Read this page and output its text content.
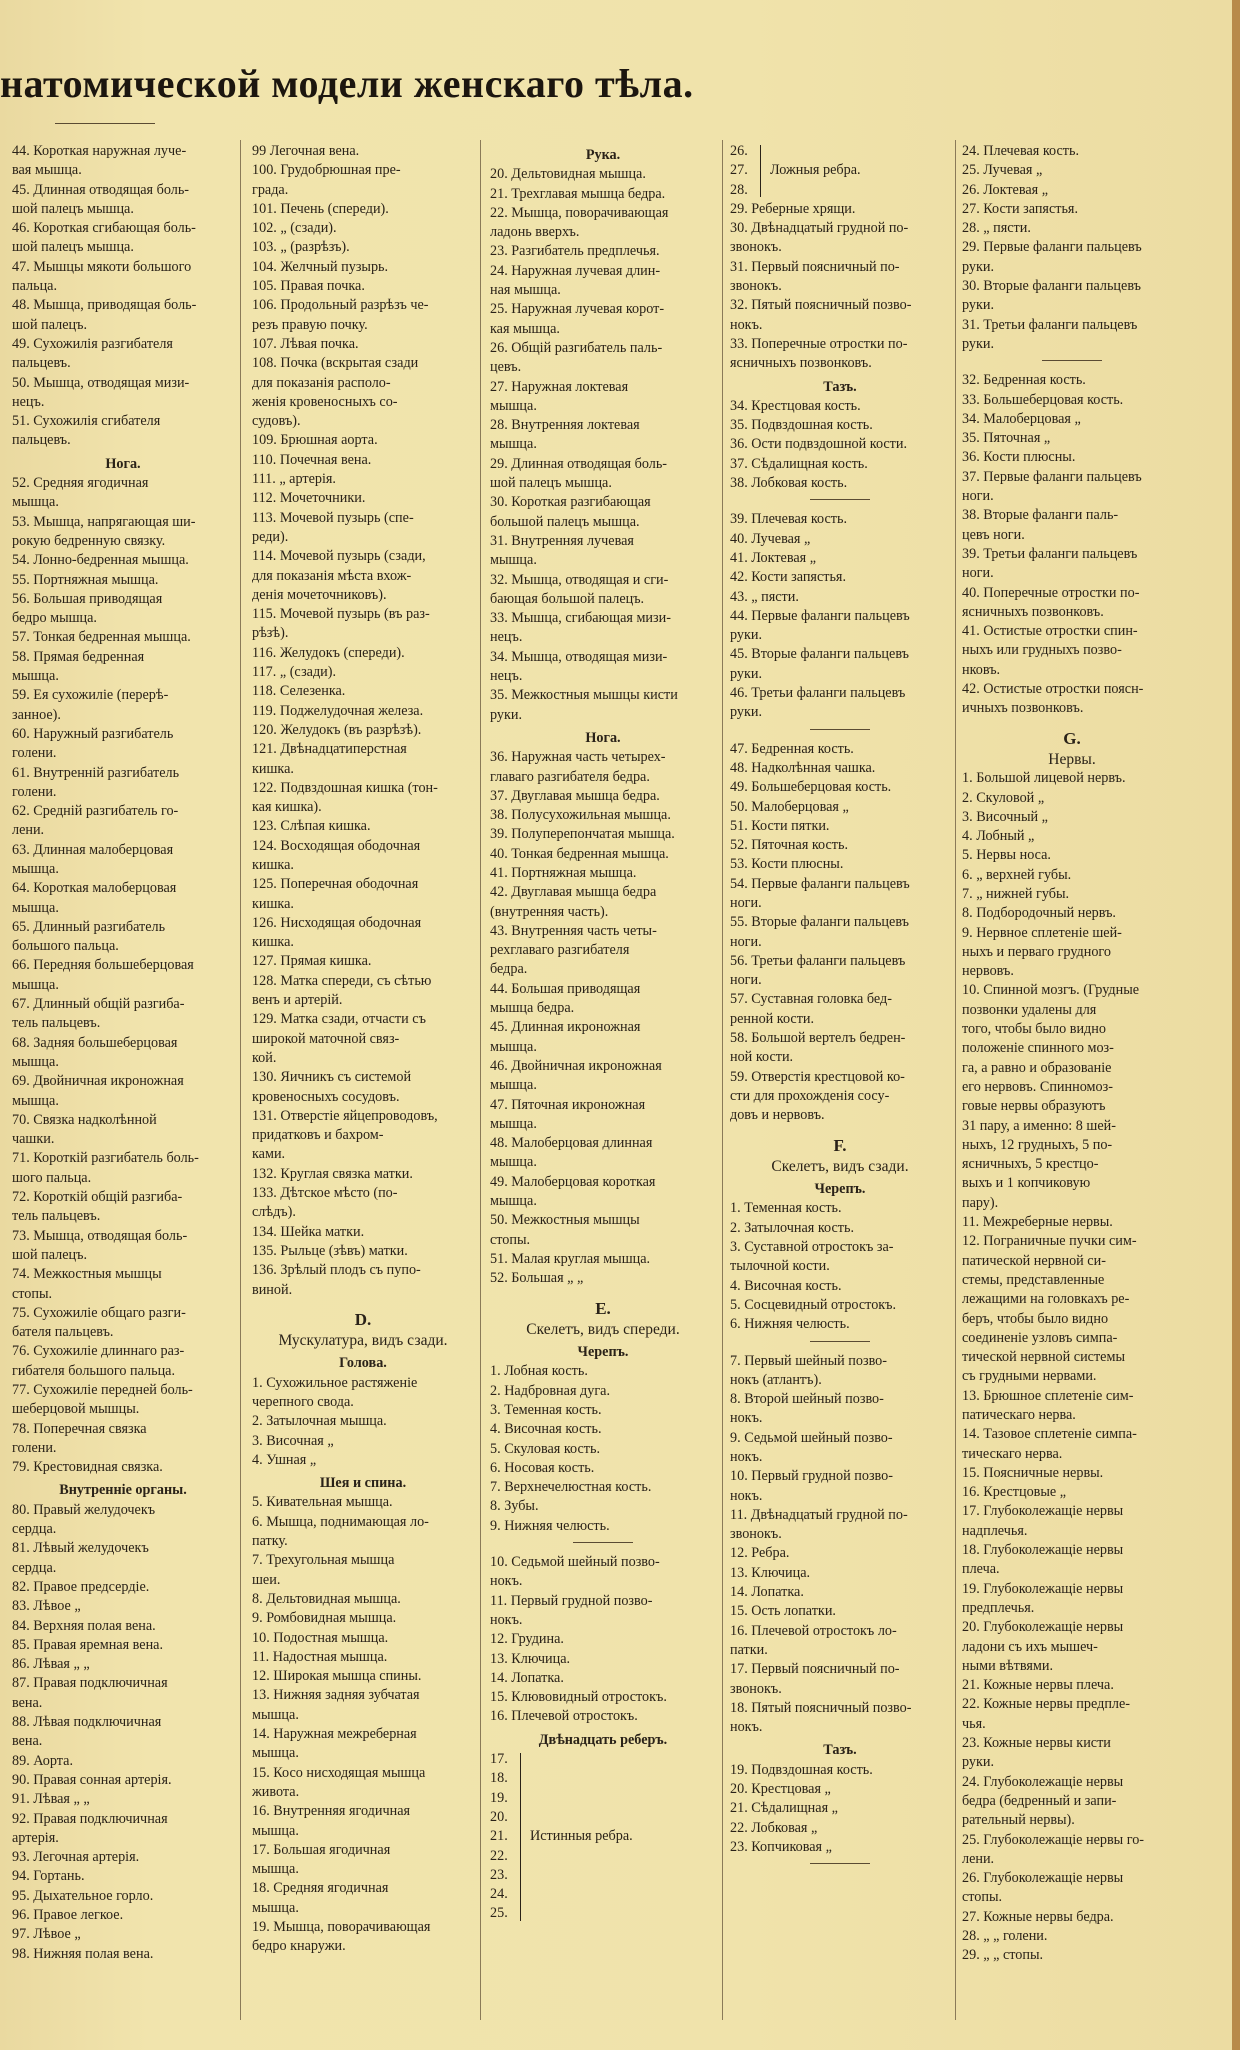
натомической модели женскаго тѣла.
44. Короткая наружная луче-
вая мышца.
45. Длинная отводящая боль-
шой палецъ мышца.
46. Короткая сгибающая боль-
шой палецъ мышца.
47. Мышцы мякоти большого
пальца.
48. Мышца, приводящая боль-
шой палецъ.
49. Сухожилія разгибателя
пальцевъ.
50. Мышца, отводящая мизи-
нецъ.
51. Сухожилія сгибателя
пальцевъ.
Нога.
52. Средняя ягодичная
мышца.
53. Мышца, напрягающая ши-
рокую бедренную связку.
54. Лонно-бедренная мышца.
55. Портняжная мышца.
56. Большая приводящая
бедро мышца.
57. Тонкая бедренная мышца.
58. Прямая бедренная
мышца.
59. Ея сухожиліе (перерѣ-
занное).
60. Наружный разгибатель
голени.
61. Внутренній разгибатель
голени.
62. Средній разгибатель го-
лени.
63. Длинная малоберцовая
мышца.
64. Короткая малоберцовая
мышца.
65. Длинный разгибатель
большого пальца.
66. Передняя большеберцовая
мышца.
67. Длинный общій разгиба-
тель пальцевъ.
68. Задняя большеберцовая
мышца.
69. Двойничная икроножная
мышца.
70. Связка надколѣнной
чашки.
71. Короткій разгибатель боль-
шого пальца.
72. Короткій общій разгиба-
тель пальцевъ.
73. Мышца, отводящая боль-
шой палецъ.
74. Межкостныя мышцы
стопы.
75. Сухожиліе общаго разги-
бателя пальцевъ.
76. Сухожиліе длиннаго раз-
гибателя большого пальца.
77. Сухожиліе передней боль-
шеберцовой мышцы.
78. Поперечная связка
голени.
79. Крестовидная связка.
Внутренніе органы.
80. Правый желудочекъ
сердца.
81. Лѣвый желудочекъ
сердца.
82. Правое предсердіе.
83. Лѣвое „
84. Верхняя полая вена.
85. Правая яремная вена.
86. Лѣвая „ „
87. Правая подключичная
вена.
88. Лѣвая подключичная
вена.
89. Аорта.
90. Правая сонная артерія.
91. Лѣвая „ „
92. Правая подключичная
артерія.
93. Легочная артерія.
94. Гортань.
95. Дыхательное горло.
96. Правое легкое.
97. Лѣвое „
98. Нижняя полая вена.
99 Легочная вена.
100. Грудобрюшная пре-
града.
101. Печень (спереди).
102. „ (сзади).
103. „ (разрѣзъ).
104. Желчный пузырь.
105. Правая почка.
106. Продольный разрѣзъ че-
резъ правую почку.
107. Лѣвая почка.
108. Почка (вскрытая сзади
для показанія располо-
женія кровеносныхъ со-
судовъ).
109. Брюшная аорта.
110. Почечная вена.
111. „ артерія.
112. Мочеточники.
113. Мочевой пузырь (спе-
реди).
114. Мочевой пузырь (сзади,
для показанія мѣста вхож-
денія мочеточниковъ).
115. Мочевой пузырь (въ раз-
рѣзѣ).
116. Желудокъ (спереди).
117. „ (сзади).
118. Селезенка.
119. Поджелудочная железа.
120. Желудокъ (въ разрѣзѣ).
121. Двѣнадцатиперстная
кишка.
122. Подвздошная кишка (тон-
кая кишка).
123. Слѣпая кишка.
124. Восходящая ободочная
кишка.
125. Поперечная ободочная
кишка.
126. Нисходящая ободочная
кишка.
127. Прямая кишка.
128. Матка спереди, съ сѣтью
венъ и артерій.
129. Матка сзади, отчасти съ
широкой маточной связ-
кой.
130. Яичникъ съ системой
кровеносныхъ сосудовъ.
131. Отверстіе яйцепроводовъ,
придатковъ и бахром-
ками.
132. Круглая связка матки.
133. Дѣтское мѣсто (по-
слѣдъ).
134. Шейка матки.
135. Рыльце (зѣвъ) матки.
136. Зрѣлый плодъ съ пупо-
виной.
D.
Мускулатура, видъ сзади.
Голова.
1. Сухожильное растяженіе
черепного свода.
2. Затылочная мышца.
3. Височная „
4. Ушная „
Шея и спина.
5. Кивательная мышца.
6. Мышца, поднимающая ло-
патку.
7. Трехугольная мышца
шеи.
8. Дельтовидная мышца.
9. Ромбовидная мышца.
10. Подостная мышца.
11. Надостная мышца.
12. Широкая мышца спины.
13. Нижняя задняя зубчатая
мышца.
14. Наружная межреберная
мышца.
15. Косо нисходящая мышца
живота.
16. Внутренняя ягодичная
мышца.
17. Большая ягодичная
мышца.
18. Средняя ягодичная
мышца.
19. Мышца, поворачивающая
бедро кнаружи.
Рука.
20. Дельтовидная мышца.
21. Трехглавая мышца бедра.
22. Мышца, поворачивающая
ладонь вверхъ.
23. Разгибатель предплечья.
24. Наружная лучевая длин-
ная мышца.
25. Наружная лучевая корот-
кая мышца.
26. Общій разгибатель паль-
цевъ.
27. Наружная локтевая
мышца.
28. Внутренняя локтевая
мышца.
29. Длинная отводящая боль-
шой палецъ мышца.
30. Короткая разгибающая
большой палецъ мышца.
31. Внутренняя лучевая
мышца.
32. Мышца, отводящая и сги-
бающая большой палецъ.
33. Мышца, сгибающая мизи-
нецъ.
34. Мышца, отводящая мизи-
нецъ.
35. Межкостныя мышцы кисти
руки.
Нога.
36. Наружная часть четырех-
главаго разгибателя бедра.
37. Двуглавая мышца бедра.
38. Полусухожильная мышца.
39. Полуперепончатая мышца.
40. Тонкая бедренная мышца.
41. Портняжная мышца.
42. Двуглавая мышца бедра
(внутренняя часть).
43. Внутренняя часть четы-
рехглаваго разгибателя
бедра.
44. Большая приводящая
мышца бедра.
45. Длинная икроножная
мышца.
46. Двойничная икроножная
мышца.
47. Пяточная икроножная
мышца.
48. Малоберцовая длинная
мышца.
49. Малоберцовая короткая
мышца.
50. Межкостныя мышцы
стопы.
51. Малая круглая мышца.
52. Большая „ „
E.
Скелетъ, видъ спереди.
Черепъ.
1. Лобная кость.
2. Надбровная дуга.
3. Теменная кость.
4. Височная кость.
5. Скуловая кость.
6. Носовая кость.
7. Верхнечелюстная кость.
8. Зубы.
9. Нижняя челюсть.
10. Седьмой шейный позво-
нокъ.
11. Первый грудной позво-
нокъ.
12. Грудина.
13. Ключица.
14. Лопатка.
15. Клювовидный отростокъ.
16. Плечевой отростокъ.
Двѣнадцать реберъ.
17.
18.
19.
20.
21.
22.
23.
24.
25.
Истинныя ребра.
26.
27.
28.
Ложныя ребра.
29. Реберные хрящи.
30. Двѣнадцатый грудной по-
звонокъ.
31. Первый поясничный по-
звонокъ.
32. Пятый поясничный позво-
нокъ.
33. Поперечные отростки по-
ясничныхъ позвонковъ.
Тазъ.
34. Крестцовая кость.
35. Подвздошная кость.
36. Ости подвздошной кости.
37. Сѣдалищная кость.
38. Лобковая кость.
39. Плечевая кость.
40. Лучевая „
41. Локтевая „
42. Кости запястья.
43. „ пясти.
44. Первые фаланги пальцевъ
руки.
45. Вторые фаланги пальцевъ
руки.
46. Третьи фаланги пальцевъ
руки.
47. Бедренная кость.
48. Надколѣнная чашка.
49. Большеберцовая кость.
50. Малоберцовая „
51. Кости пятки.
52. Пяточная кость.
53. Кости плюсны.
54. Первые фаланги пальцевъ
ноги.
55. Вторые фаланги пальцевъ
ноги.
56. Третьи фаланги пальцевъ
ноги.
57. Суставная головка бед-
ренной кости.
58. Большой вертелъ бедрен-
ной кости.
59. Отверстія крестцовой ко-
сти для прохожденія сосу-
довъ и нервовъ.
F.
Скелетъ, видъ сзади.
Черепъ.
1. Теменная кость.
2. Затылочная кость.
3. Суставной отростокъ за-
тылочной кости.
4. Височная кость.
5. Сосцевидный отростокъ.
6. Нижняя челюсть.
7. Первый шейный позво-
нокъ (атлантъ).
8. Второй шейный позво-
нокъ.
9. Седьмой шейный позво-
нокъ.
10. Первый грудной позво-
нокъ.
11. Двѣнадцатый грудной по-
звонокъ.
12. Ребра.
13. Ключица.
14. Лопатка.
15. Ость лопатки.
16. Плечевой отростокъ ло-
патки.
17. Первый поясничный по-
звонокъ.
18. Пятый поясничный позво-
нокъ.
Тазъ.
19. Подвздошная кость.
20. Крестцовая „
21. Сѣдалищная „
22. Лобковая „
23. Копчиковая „
24. Плечевая кость.
25. Лучевая „
26. Локтевая „
27. Кости запястья.
28. „ пясти.
29. Первые фаланги пальцевъ
руки.
30. Вторые фаланги пальцевъ
руки.
31. Третьи фаланги пальцевъ
руки.
32. Бедренная кость.
33. Большеберцовая кость.
34. Малоберцовая „
35. Пяточная „
36. Кости плюсны.
37. Первые фаланги пальцевъ
ноги.
38. Вторые фаланги паль-
цевъ ноги.
39. Третьи фаланги пальцевъ
ноги.
40. Поперечные отростки по-
ясничныхъ позвонковъ.
41. Остистые отростки спин-
ныхъ или грудныхъ позво-
нковъ.
42. Остистые отростки поясн-
ичныхъ позвонковъ.
G.
Нервы.
1. Большой лицевой нервъ.
2. Скуловой „
3. Височный „
4. Лобный „
5. Нервы носа.
6. „ верхней губы.
7. „ нижней губы.
8. Подбородочный нервъ.
9. Нервное сплетеніе шей-
ныхъ и перваго грудного
нервовъ.
10. Спинной мозгъ. (Грудные
позвонки удалены для
того, чтобы было видно
положеніе спинного моз-
га, а равно и образованіе
его нервовъ. Спинномоз-
говые нервы образуютъ
31 пару, а именно: 8 шей-
ныхъ, 12 грудныхъ, 5 по-
ясничныхъ, 5 крестцо-
выхъ и 1 копчиковую
пару).
11. Межреберные нервы.
12. Пограничные пучки сим-
патической нервной си-
стемы, представленные
лежащими на головкахъ ре-
беръ, чтобы было видно
соединеніе узловъ симпа-
тической нервной системы
съ грудными нервами.
13. Брюшное сплетеніе сим-
патическаго нерва.
14. Тазовое сплетеніе симпа-
тическаго нерва.
15. Поясничные нервы.
16. Крестцовые „
17. Глубоколежащіе нервы
надплечья.
18. Глубоколежащіе нервы
плеча.
19. Глубоколежащіе нервы
предплечья.
20. Глубоколежащіе нервы
ладони съ ихъ мышеч-
ными вѣтвями.
21. Кожные нервы плеча.
22. Кожные нервы предпле-
чья.
23. Кожные нервы кисти
руки.
24. Глубоколежащіе нервы
бедра (бедренный и запи-
рательный нервы).
25. Глубоколежащіе нервы го-
лени.
26. Глубоколежащіе нервы
стопы.
27. Кожные нервы бедра.
28. „ „ голени.
29. „ „ стопы.
